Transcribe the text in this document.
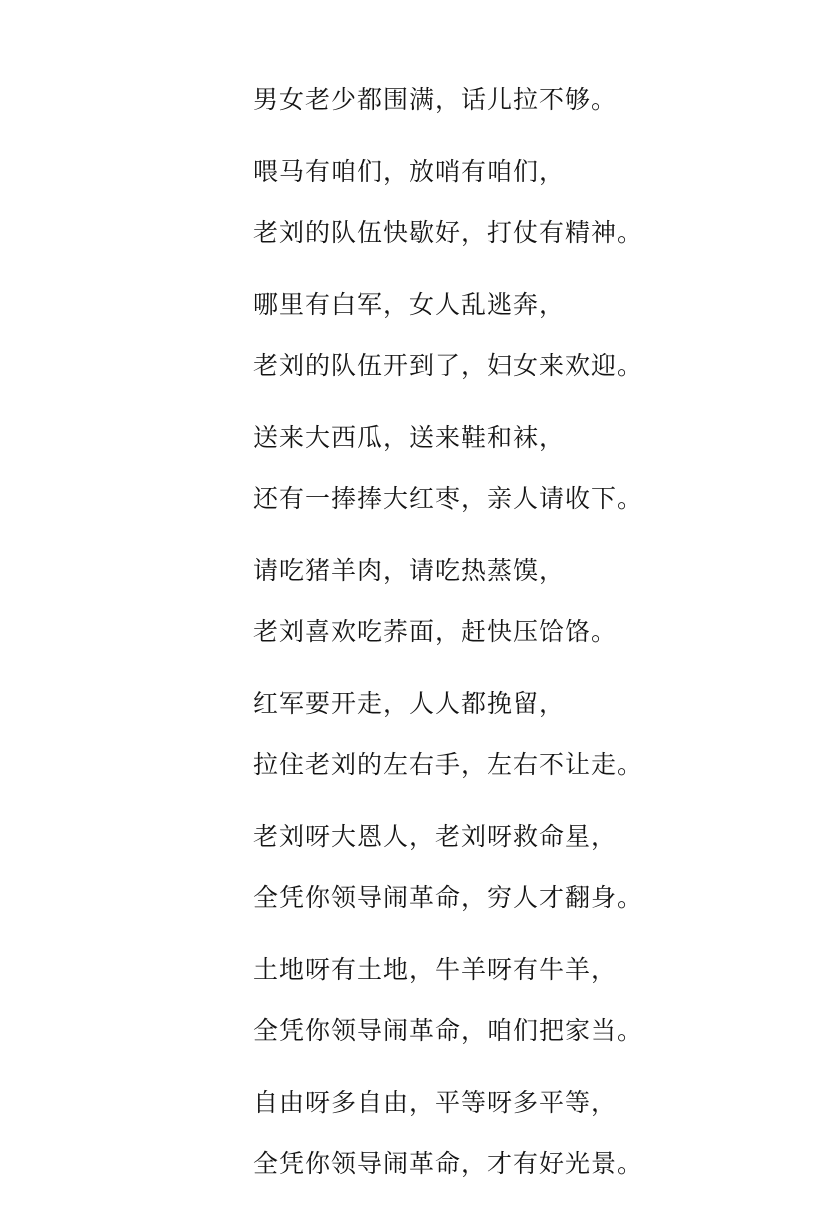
男女老少都围满，话儿拉不够。
喂马有咱们，放哨有咱们，
老刘的队伍快歇好，打仗有精神。
哪里有白军，女人乱逃奔，
老刘的队伍开到了，妇女来欢迎。
送来大西瓜，送来鞋和袜，
还有一捧捧大红枣，亲人请收下。
请吃猪羊肉，请吃热蒸馍，
老刘喜欢吃荞面，赶快压饸饹。
红军要开走，人人都挽留，
拉住老刘的左右手，左右不让走。
老刘呀大恩人，老刘呀救命星，
全凭你领导闹革命，穷人才翻身。
土地呀有土地，牛羊呀有牛羊，
全凭你领导闹革命，咱们把家当。
自由呀多自由，平等呀多平等，
全凭你领导闹革命，才有好光景。
